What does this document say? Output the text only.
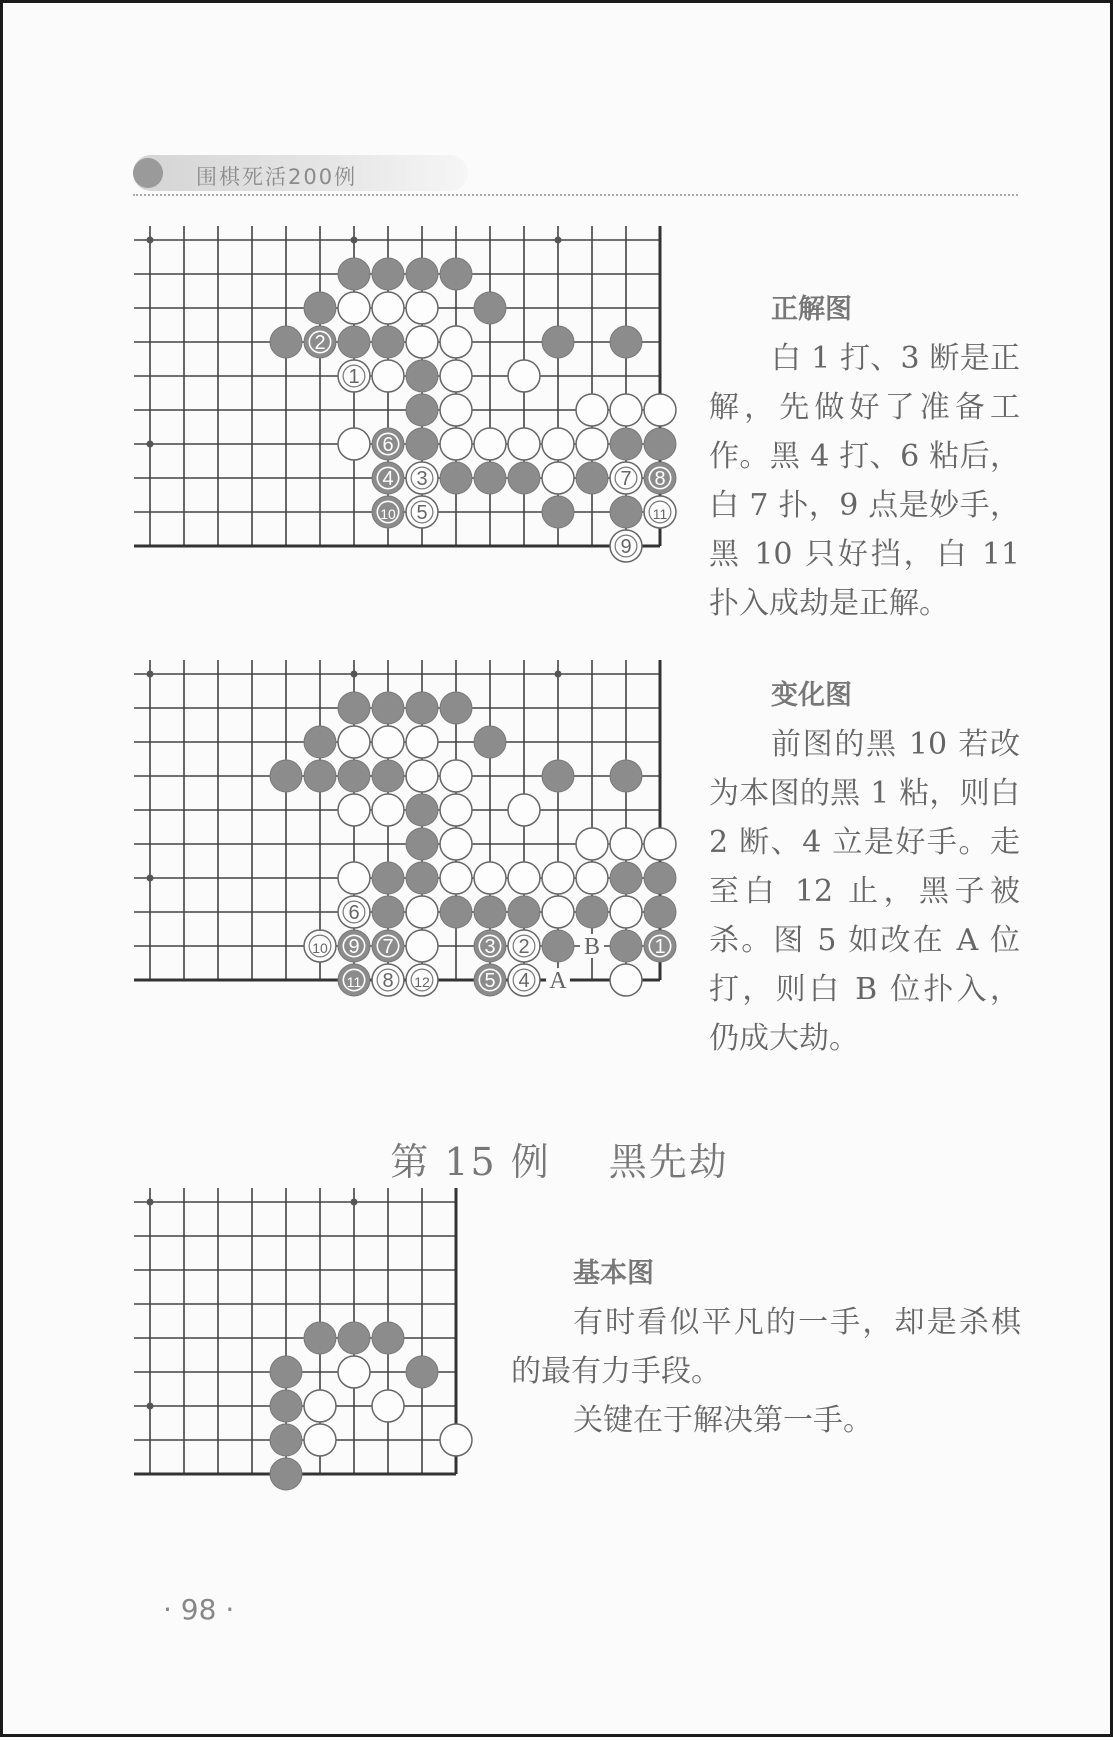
围棋死活200例
2
1
6
4 3	7 8
10 5	11
9
正解图

白 1 打、3 断是正解，先做好了准备工作。黑 4 打、6 粘后，白 7 扑，9 点是妙手，黑 10 只好挡，白 11 扑入成劫是正解。

6
10 9 7	3 2	1
11 8 12	5 4
B
A
变化图

前图的黑 10 若改为本图的黑 1 粘，则白 2 断、4 立是好手。走至白 12 止，黑子被杀。图 5 如改在 A 位打，则白 B 位扑入，仍成大劫。

第 15 例 黑先劫
基本图

有时看似平凡的一手，却是杀棋的最有力手段。

关键在于解决第一手。

· 98 ·
